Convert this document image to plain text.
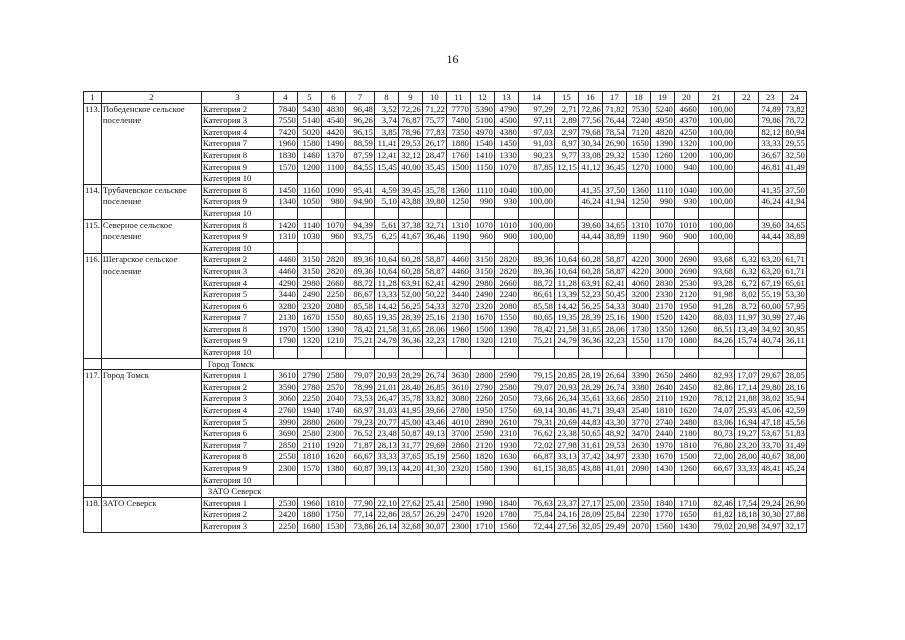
16
1	2	3	4	5	6	7	8	9	10	11	12	13	14	15	16	17	18	19	20	21	22	23	24
113.	Победенское сельское поселение	Категория 2	7840	5430	4830	96,48	3,52	72,26	71,22	7770	5390	4790	97,29	2,71	72,86	71,82	7530	5240	4660	100,00		74,89	73,82
		Категория 3	7550	5140	4540	96,26	3,74	76,87	75,77	7480	5100	4500	97,11	2,89	77,56	76,44	7240	4950	4370	100,00		79,86	78,72
		Категория 4	7420	5020	4420	96,15	3,85	78,96	77,83	7350	4970	4380	97,03	2,97	79,68	78,54	7120	4820	4250	100,00		82,12	80,94
		Категория 7	1960	1580	1490	88,59	11,41	29,53	26,17	1880	1540	1450	91,03	8,97	30,34	26,90	1650	1390	1320	100,00		33,33	29,55
		Категория 8	1830	1460	1370	87,59	12,41	32,12	28,47	1760	1410	1330	90,23	9,77	33,08	29,32	1530	1260	1200	100,00		36,67	32,50
		Категория 9	1570	1200	1100	84,55	15,45	40,00	35,45	1500	1150	1070	87,85	12,15	41,12	36,45	1270	1000	940	100,00		46,81	41,49
		Категория 10																					
114.	Трубачевское сельское поселение	Категория 8	1450	1160	1090	95,41	4,59	39,45	35,78	1360	1110	1040	100,00		41,35	37,50	1360	1110	1040	100,00		41,35	37,50
		Категория 9	1340	1050	980	94,90	5,10	43,88	39,80	1250	990	930	100,00		46,24	41,94	1250	990	930	100,00		46,24	41,94
		Категория 10																					
115.	Северное сельское поселение	Категория 8	1420	1140	1070	94,39	5,61	37,38	32,71	1310	1070	1010	100,00		39,60	34,65	1310	1070	1010	100,00		39,60	34,65
		Категория 9	1310	1030	960	93,75	6,25	41,67	36,46	1190	960	900	100,00		44,44	38,89	1190	960	900	100,00		44,44	38,89
		Категория 10																					
116.	Шегарское сельское поселение	Категория 2	4460	3150	2820	89,36	10,64	60,28	58,87	4460	3150	2820	89,36	10,64	60,28	58,87	4220	3000	2690	93,68	6,32	63,20	61,71
		Категория 3	4460	3150	2820	89,36	10,64	60,28	58,87	4460	3150	2820	89,36	10,64	60,28	58,87	4220	3000	2690	93,68	6,32	63,20	61,71
		Категория 4	4290	2980	2660	88,72	11,28	63,91	62,41	4290	2980	2660	88,72	11,28	63,91	62,41	4060	2830	2530	93,28	6,72	67,19	65,61
		Категория 5	3440	2490	2250	86,67	13,33	52,00	50,22	3440	2490	2240	86,61	13,39	52,23	50,45	3200	2330	2120	91,98	8,02	55,19	53,30
		Категория 6	3280	2320	2080	85,58	14,42	56,25	54,33	3270	2320	2080	85,58	14,42	56,25	54,33	3040	2170	1950	91,28	8,72	60,00	57,95
		Категория 7	2130	1670	1550	80,65	19,35	28,39	25,16	2130	1670	1550	80,65	19,35	28,39	25,16	1900	1520	1420	88,03	11,97	30,99	27,46
		Категория 8	1970	1500	1390	78,42	21,58	31,65	28,06	1960	1500	1390	78,42	21,58	31,65	28,06	1730	1350	1260	86,51	13,49	34,92	30,95
		Категория 9	1790	1320	1210	75,21	24,79	36,36	32,23	1780	1320	1210	75,21	24,79	36,36	32,23	1550	1170	1080	84,26	15,74	40,74	36,11
		Категория 10																					
		Город Томск																					
117.	Город Томск	Категория 1	3610	2790	2580	79,07	20,93	28,29	26,74	3630	2800	2590	79,15	20,85	28,19	26,64	3390	2650	2460	82,93	17,07	29,67	28,05
		Категория 2	3590	2780	2570	78,99	21,01	28,40	26,85	3610	2790	2580	79,07	20,93	28,29	26,74	3380	2640	2450	82,86	17,14	29,80	28,16
		Категория 3	3060	2250	2040	73,53	26,47	35,78	33,82	3080	2260	2050	73,66	26,34	35,61	33,66	2850	2110	1920	78,12	21,88	38,02	35,94
		Категория 4	2760	1940	1740	68,97	31,03	41,95	39,66	2780	1950	1750	69,14	30,86	41,71	39,43	2540	1810	1620	74,07	25,93	45,06	42,59
		Категория 5	3990	2880	2600	79,23	20,77	45,00	43,46	4010	2890	2610	79,31	20,69	44,83	43,30	3770	2740	2480	83,06	16,94	47,18	45,56
		Категория 6	3690	2580	2300	76,52	23,48	50,87	49,13	3700	2590	2310	76,62	23,38	50,65	48,92	3470	2440	2180	80,73	19,27	53,67	51,83
		Категория 7	2850	2110	1920	71,87	28,13	31,77	29,69	2860	2120	1930	72,02	27,98	31,61	29,53	2630	1970	1810	76,80	23,20	33,70	31,49
		Категория 8	2550	1810	1620	66,67	33,33	37,65	35,19	2560	1820	1630	66,87	33,13	37,42	34,97	2330	1670	1500	72,00	28,00	40,67	38,00
		Категория 9	2300	1570	1380	60,87	39,13	44,20	41,30	2320	1580	1390	61,15	38,85	43,88	41,01	2090	1430	1260	66,67	33,33	48,41	45,24
		Категория 10																					
		ЗАТО Северск																					
118.	ЗАТО Северск	Категория 1	2530	1960	1810	77,90	22,10	27,62	25,41	2580	1990	1840	76,63	23,37	27,17	25,00	2350	1840	1710	82,46	17,54	29,24	26,90
		Категория 2	2420	1880	1750	77,14	22,86	28,57	26,29	2470	1920	1780	75,84	24,16	28,09	25,84	2230	1770	1650	81,82	18,18	30,30	27,88
		Категория 3	2250	1680	1530	73,86	26,14	32,68	30,07	2300	1710	1560	72,44	27,56	32,05	29,49	2070	1560	1430	79,02	20,98	34,97	32,17
